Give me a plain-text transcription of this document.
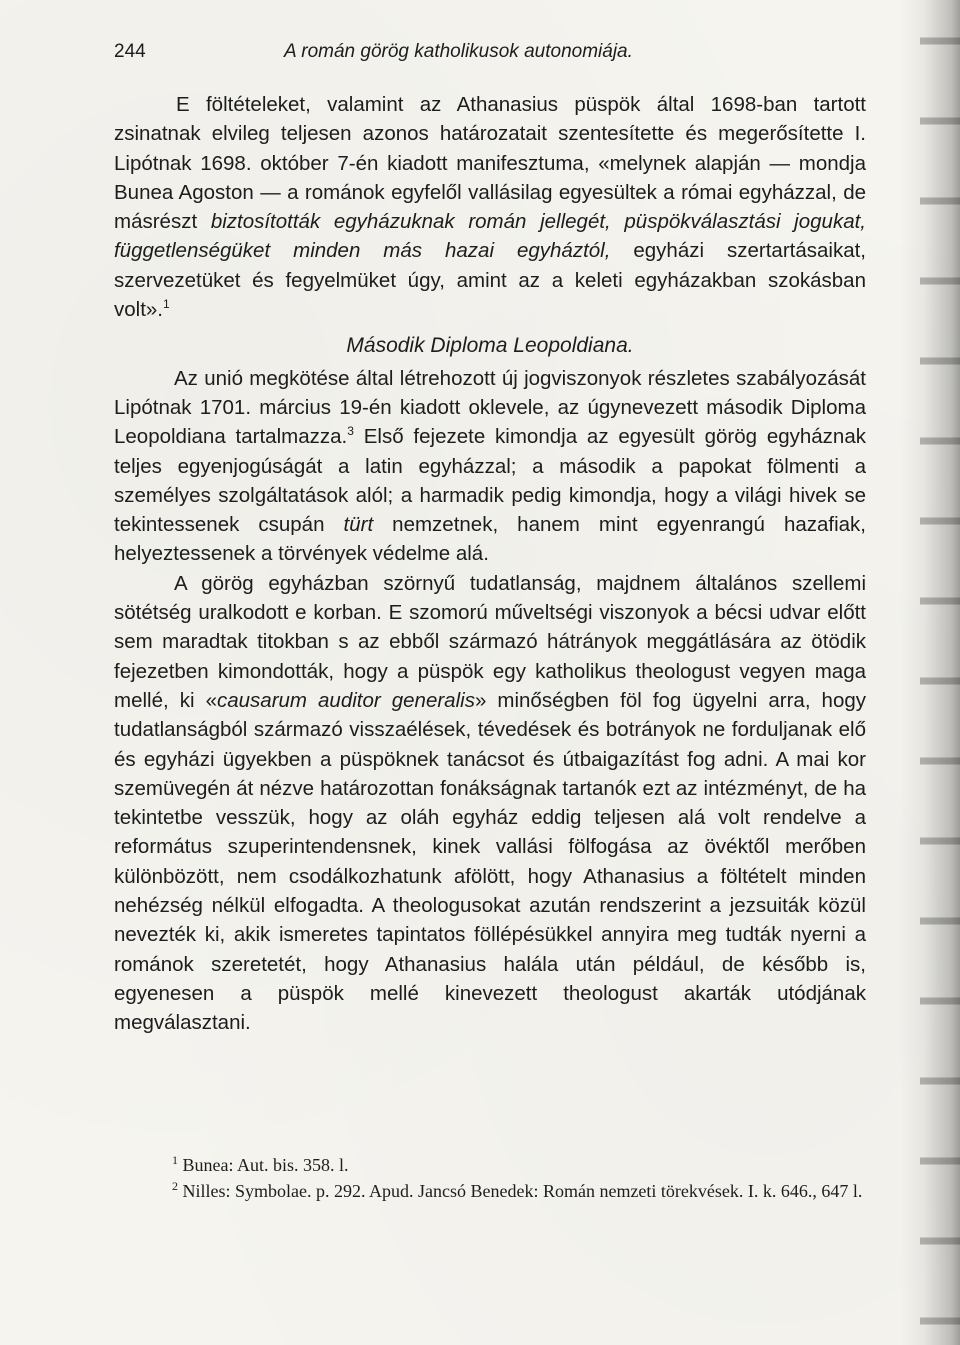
244	A román görög katholikusok autonomiája.

E föltételeket, valamint az Athanasius püspök által 1698-ban tartott zsinatnak elvileg teljesen azonos határozatait szentesítette és megerősítette I. Lipótnak 1698. október 7-én kiadott manifesztuma, «melynek alapján — mondja Bunea Agoston — a románok egyfelől vallásilag egyesültek a római egyházzal, de másrészt biztosították egyházuknak román jellegét, püspökválasztási jogukat, függetlenségüket minden más hazai egyháztól, egyházi szertartásaikat, szervezetüket és fegyelmüket úgy, amint az a keleti egyházakban szokásban volt».$^1$

Második Diploma Leopoldiana.

Az unió megkötése által létrehozott új jogviszonyok részletes szabályozását Lipótnak 1701. március 19-én kiadott oklevele, az úgynevezett második Diploma Leopoldiana tartalmazza.$^3$ Első fejezete kimondja az egyesült görög egyháznak teljes egyenjogúságát a latin egyházzal; a második a papokat fölmenti a személyes szolgáltatások alól; a harmadik pedig kimondja, hogy a világi hivek se tekintessenek csupán türt nemzetnek, hanem mint egyenrangú hazafiak, helyeztessenek a törvények védelme alá.

A görög egyházban szörnyű tudatlanság, majdnem általános szellemi sötétség uralkodott e korban. E szomorú műveltségi viszonyok a bécsi udvar előtt sem maradtak titokban s az ebből származó hátrányok meggátlására az ötödik fejezetben kimondották, hogy a püspök egy katholikus theologust vegyen maga mellé, ki «causarum auditor generalis» minőségben föl fog ügyelni arra, hogy tudatlanságból származó visszaélések, tévedések és botrányok ne forduljanak elő és egyházi ügyekben a püspöknek tanácsot és útbaigazítást fog adni. A mai kor szemüvegén át nézve határozottan fonákságnak tartanók ezt az intézményt, de ha tekintetbe vesszük, hogy az oláh egyház eddig teljesen alá volt rendelve a református szuperintendensnek, kinek vallási fölfogása az övéktől merőben különbözött, nem csodálkozhatunk afölött, hogy Athanasius a föltételt minden nehézség nélkül elfogadta. A theologusokat azután rendszerint a jezsuiták közül nevezték ki, akik ismeretes tapintatos föllépésükkel annyira meg tudták nyerni a románok szeretetét, hogy Athanasius halála után például, de később is, egyenesen a püspök mellé kinevezett theologust akarták utódjának megválasztani.

$^1$ Bunea: Aut. bis. 358. l.

$^2$ Nilles: Symbolae. p. 292. Apud. Jancsó Benedek: Román nemzeti törekvések. I. k. 646., 647 l.
